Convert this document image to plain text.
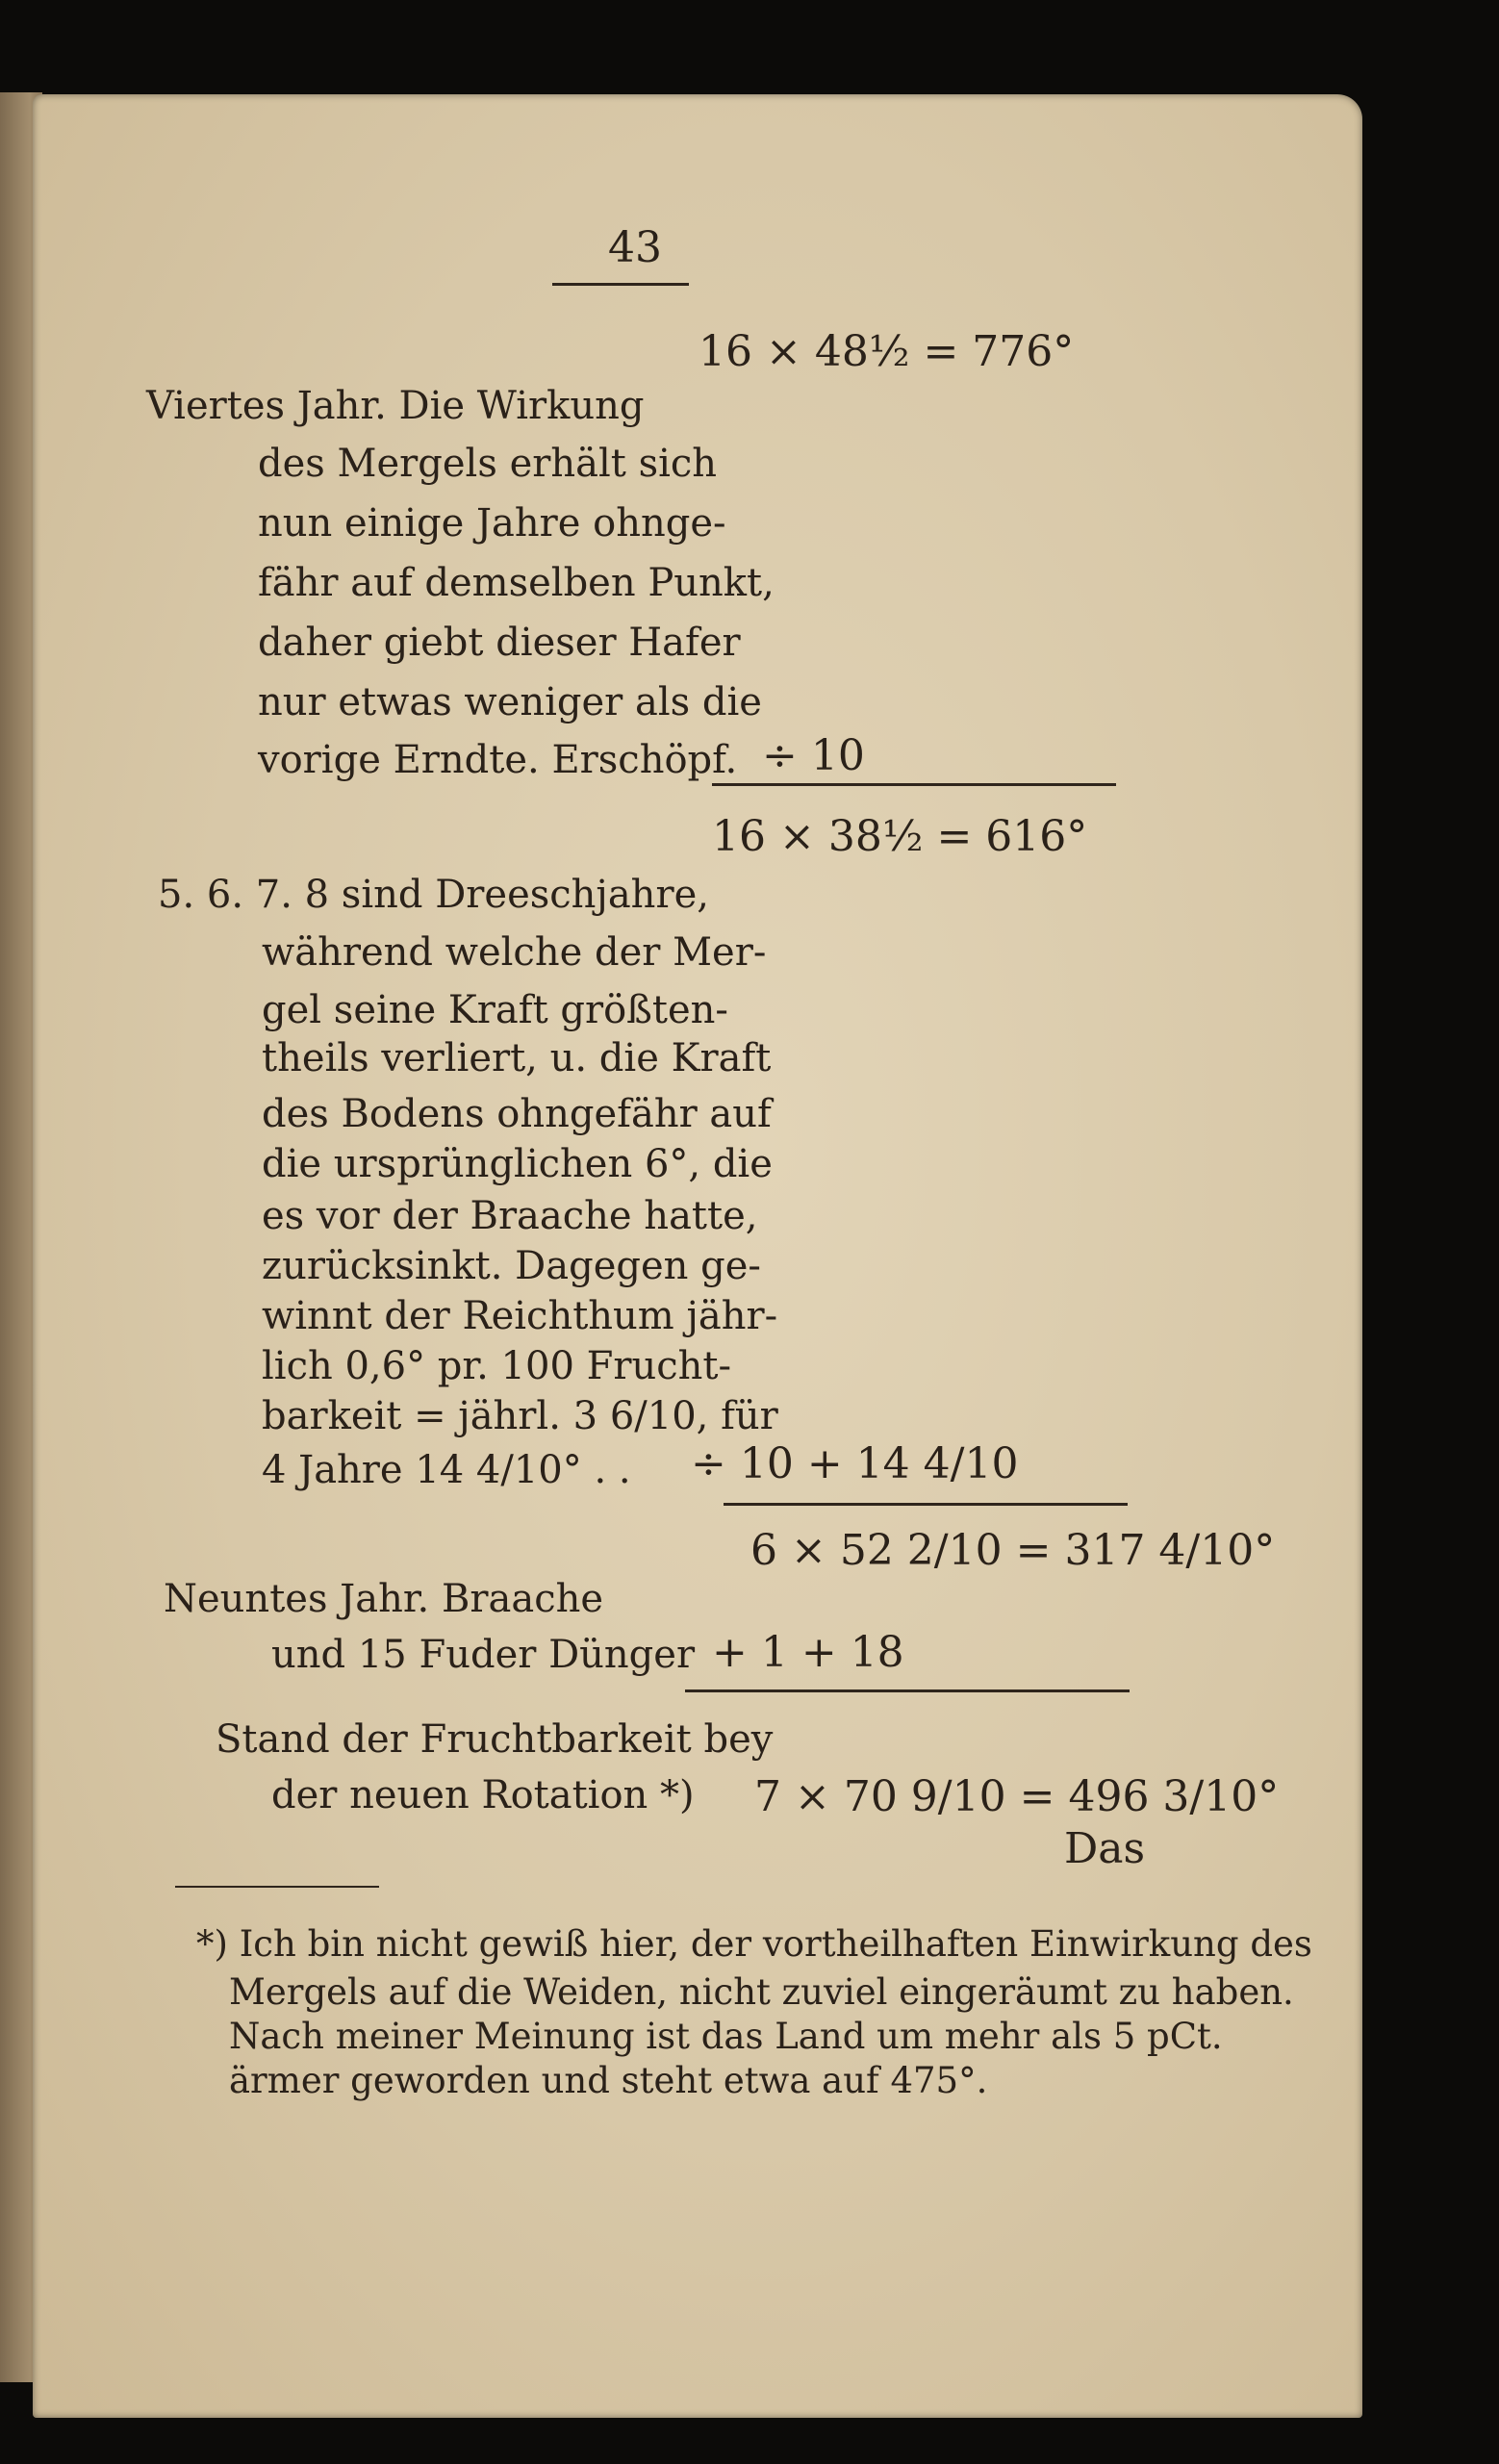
43
Viertes Jahr. Die Wirkung
des Mergels erhält sich
nun einige Jahre ohnge-
fähr auf demselben Punkt,
daher giebt dieser Hafer
nur etwas weniger als die
vorige Erndte. Erschöpf.
5. 6. 7. 8 sind Dreeschjahre,
während welche der Mer-
gel seine Kraft größten-
theils verliert, u. die Kraft
des Bodens ohngefähr auf
die ursprünglichen 6°, die
es vor der Braache hatte,
zurücksinkt. Dagegen ge-
winnt der Reichthum jähr-
lich 0,6° pr. 100 Frucht-
barkeit = jährl. 3 6/10, für
4 Jahre 14 4/10° . .
Neuntes Jahr. Braache
und 15 Fuder Dünger
Stand der Fruchtbarkeit bey
der neuen Rotation *)
16 × 48½ = 776°
÷ 10
16 × 38½ = 616°
÷ 10 + 14 4/10
6 × 52 2/10 = 317 4/10°
+ 1 + 18
7 × 70 9/10 = 496 3/10°
Das
*) Ich bin nicht gewiß hier, der vortheilhaften Einwirkung des
Mergels auf die Weiden, nicht zuviel eingeräumt zu haben.
Nach meiner Meinung ist das Land um mehr als 5 pCt.
ärmer geworden und steht etwa auf 475°.
